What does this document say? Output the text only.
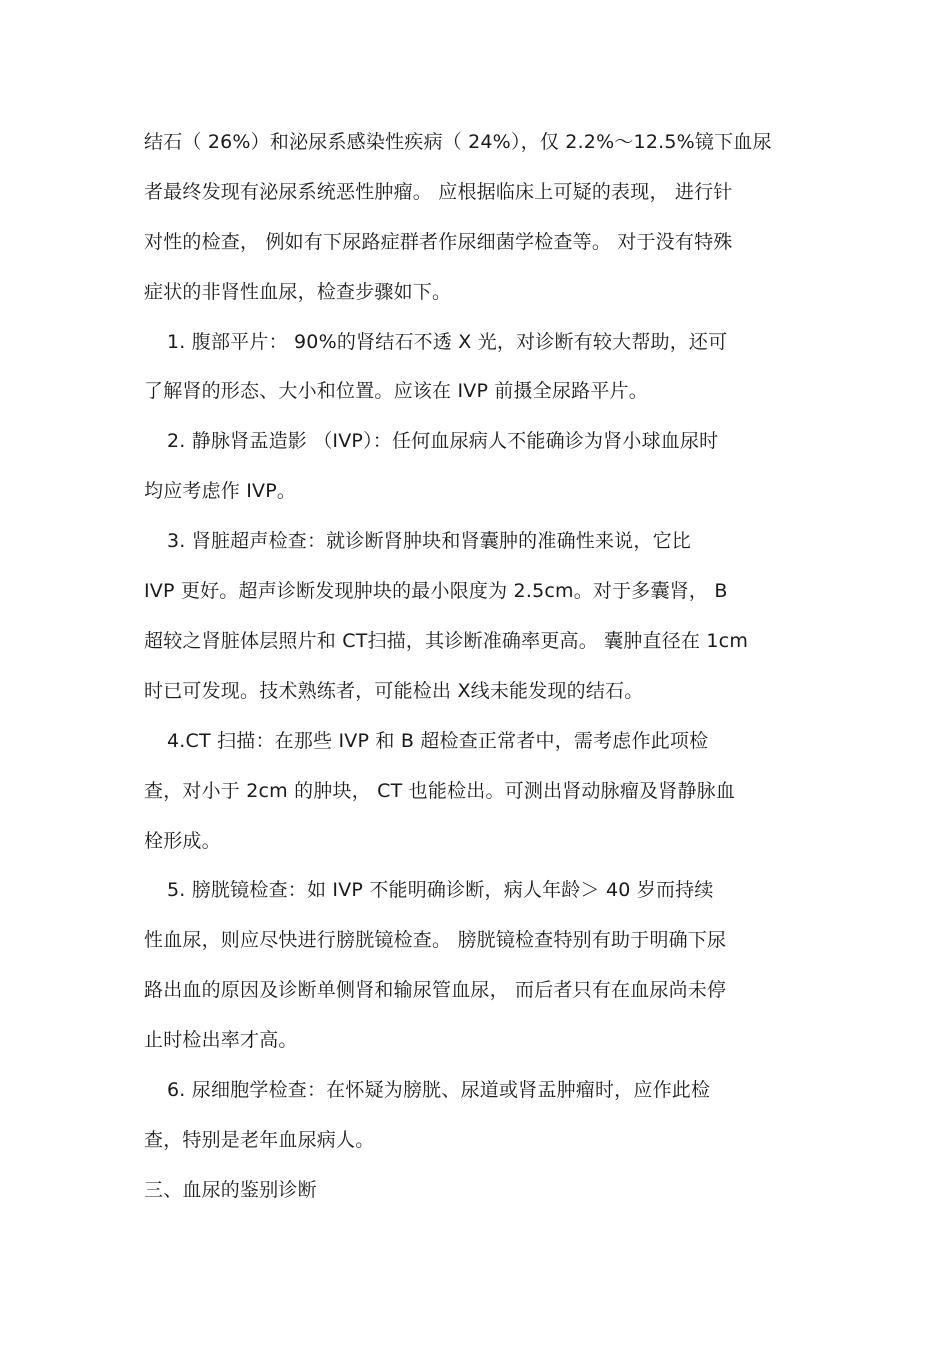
结石（ 26%）和泌尿系感染性疾病（ 24%），仅 2.2%～12.5%镜下血尿
者最终发现有泌尿系统恶性肿瘤。 应根据临床上可疑的表现， 进行针
对性的检查， 例如有下尿路症群者作尿细菌学检查等。 对于没有特殊
症状的非肾性血尿，检查步骤如下。
1. 腹部平片： 90%的肾结石不透 X 光，对诊断有较大帮助，还可
了解肾的形态、大小和位置。应该在 IVP 前摄全尿路平片。
2. 静脉肾盂造影 （IVP）：任何血尿病人不能确诊为肾小球血尿时
均应考虑作 IVP。
3. 肾脏超声检查：就诊断肾肿块和肾囊肿的准确性来说，它比
IVP 更好。超声诊断发现肿块的最小限度为 2.5cm。对于多囊肾， B
超较之肾脏体层照片和 CT扫描，其诊断准确率更高。 囊肿直径在 1cm
时已可发现。技术熟练者，可能检出 X线未能发现的结石。
4.CT 扫描：在那些 IVP 和 B 超检查正常者中，需考虑作此项检
查，对小于 2cm 的肿块， CT 也能检出。可测出肾动脉瘤及肾静脉血
栓形成。
5. 膀胱镜检查：如 IVP 不能明确诊断，病人年龄＞ 40 岁而持续
性血尿，则应尽快进行膀胱镜检查。 膀胱镜检查特别有助于明确下尿
路出血的原因及诊断单侧肾和输尿管血尿， 而后者只有在血尿尚未停
止时检出率才高。
6. 尿细胞学检查：在怀疑为膀胱、尿道或肾盂肿瘤时，应作此检
查，特别是老年血尿病人。
三、血尿的鉴别诊断
